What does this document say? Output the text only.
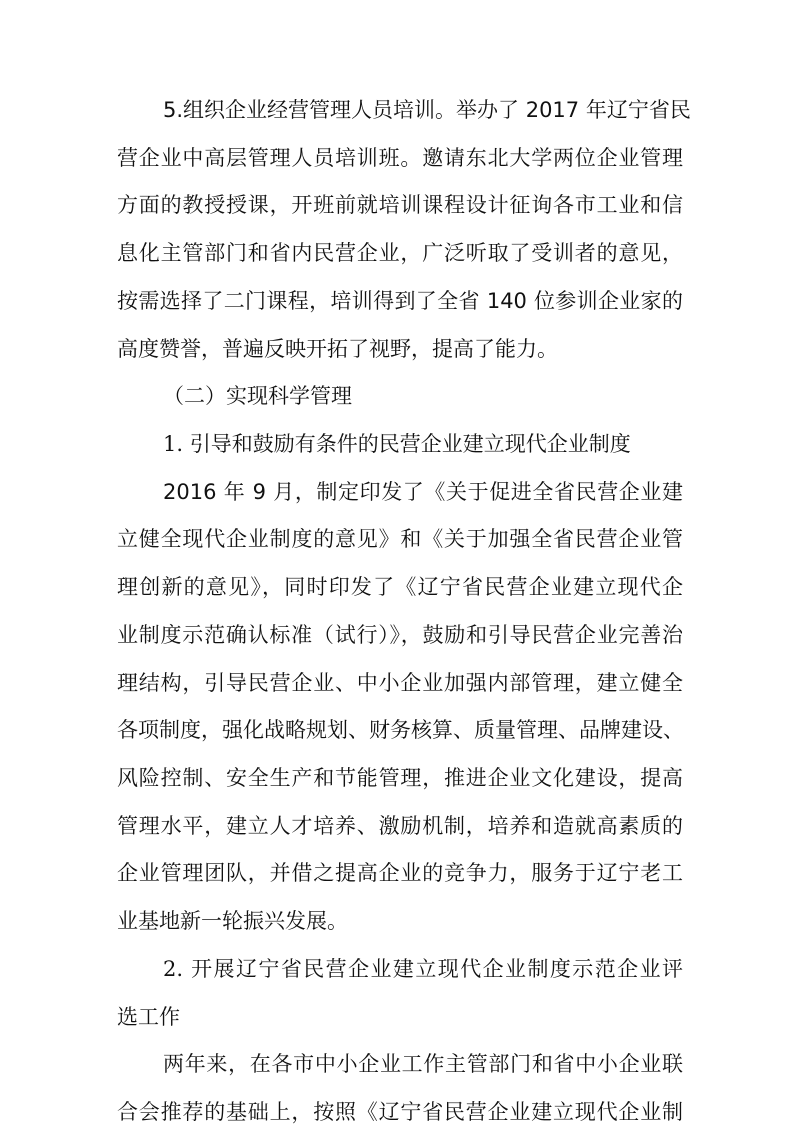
5.组织企业经营管理人员培训。举办了 2017 年辽宁省民
营企业中高层管理人员培训班。邀请东北大学两位企业管理
方面的教授授课，开班前就培训课程设计征询各市工业和信
息化主管部门和省内民营企业，广泛听取了受训者的意见，
按需选择了二门课程，培训得到了全省 140 位参训企业家的
高度赞誉，普遍反映开拓了视野，提高了能力。
（二）实现科学管理
1. 引导和鼓励有条件的民营企业建立现代企业制度
2016 年 9 月，制定印发了《关于促进全省民营企业建
立健全现代企业制度的意见》和《关于加强全省民营企业管
理创新的意见》，同时印发了《辽宁省民营企业建立现代企
业制度示范确认标准（试行）》，鼓励和引导民营企业完善治
理结构，引导民营企业、中小企业加强内部管理，建立健全
各项制度，强化战略规划、财务核算、质量管理、品牌建设、
风险控制、安全生产和节能管理，推进企业文化建设，提高
管理水平，建立人才培养、激励机制，培养和造就高素质的
企业管理团队，并借之提高企业的竞争力，服务于辽宁老工
业基地新一轮振兴发展。
2. 开展辽宁省民营企业建立现代企业制度示范企业评
选工作
两年来，在各市中小企业工作主管部门和省中小企业联
合会推荐的基础上，按照《辽宁省民营企业建立现代企业制
